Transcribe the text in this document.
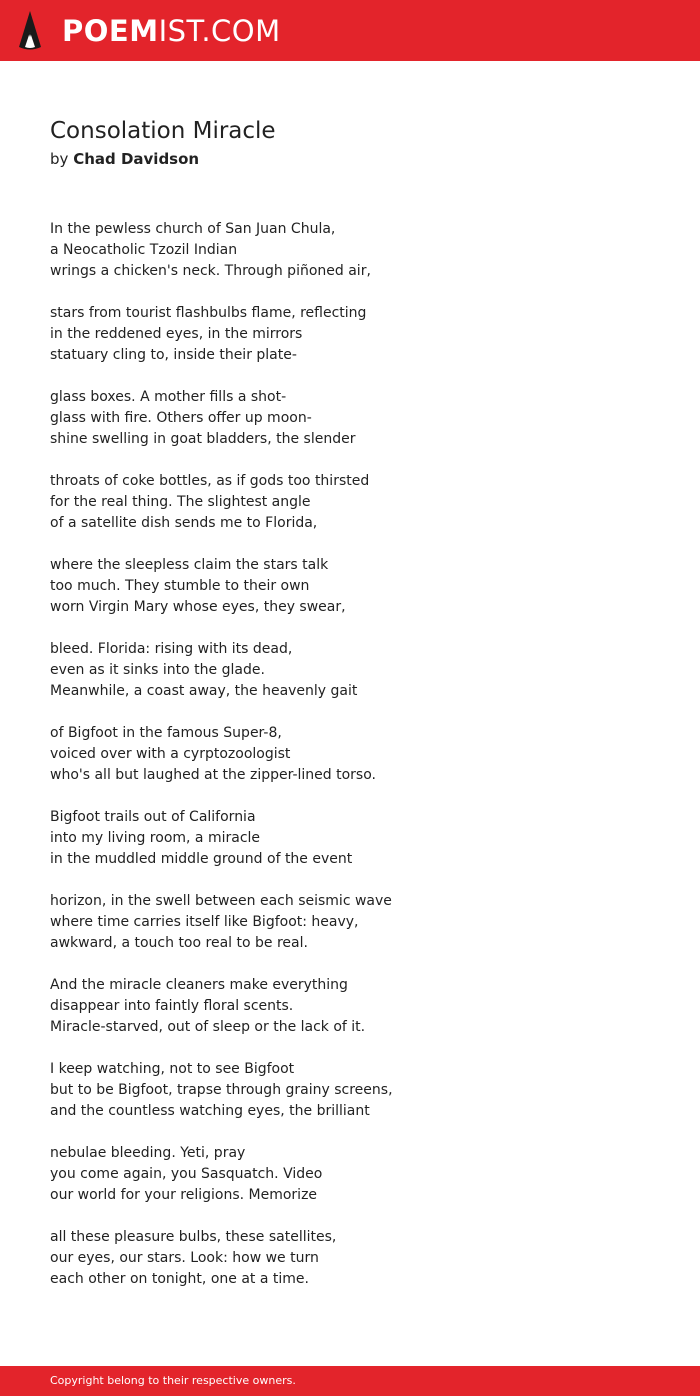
POEMIST.COM
Consolation Miracle
by Chad Davidson
In the pewless church of San Juan Chula,
a Neocatholic Tzozil Indian
wrings a chicken's neck. Through piñoned air,
stars from tourist flashbulbs flame, reflecting
in the reddened eyes, in the mirrors
statuary cling to, inside their plate-
glass boxes. A mother fills a shot-
glass with fire. Others offer up moon-
shine swelling in goat bladders, the slender
throats of coke bottles, as if gods too thirsted
for the real thing. The slightest angle
of a satellite dish sends me to Florida,
where the sleepless claim the stars talk
too much. They stumble to their own
worn Virgin Mary whose eyes, they swear,
bleed. Florida: rising with its dead,
even as it sinks into the glade.
Meanwhile, a coast away, the heavenly gait
of Bigfoot in the famous Super-8,
voiced over with a cyrptozoologist
who's all but laughed at the zipper-lined torso.
Bigfoot trails out of California
into my living room, a miracle
in the muddled middle ground of the event
horizon, in the swell between each seismic wave
where time carries itself like Bigfoot: heavy,
awkward, a touch too real to be real.
And the miracle cleaners make everything
disappear into faintly floral scents.
Miracle-starved, out of sleep or the lack of it.
I keep watching, not to see Bigfoot
but to be Bigfoot, trapse through grainy screens,
and the countless watching eyes, the brilliant
nebulae bleeding. Yeti, pray
you come again, you Sasquatch. Video
our world for your religions. Memorize
all these pleasure bulbs, these satellites,
our eyes, our stars. Look: how we turn
each other on tonight, one at a time.
Copyright belong to their respective owners.
